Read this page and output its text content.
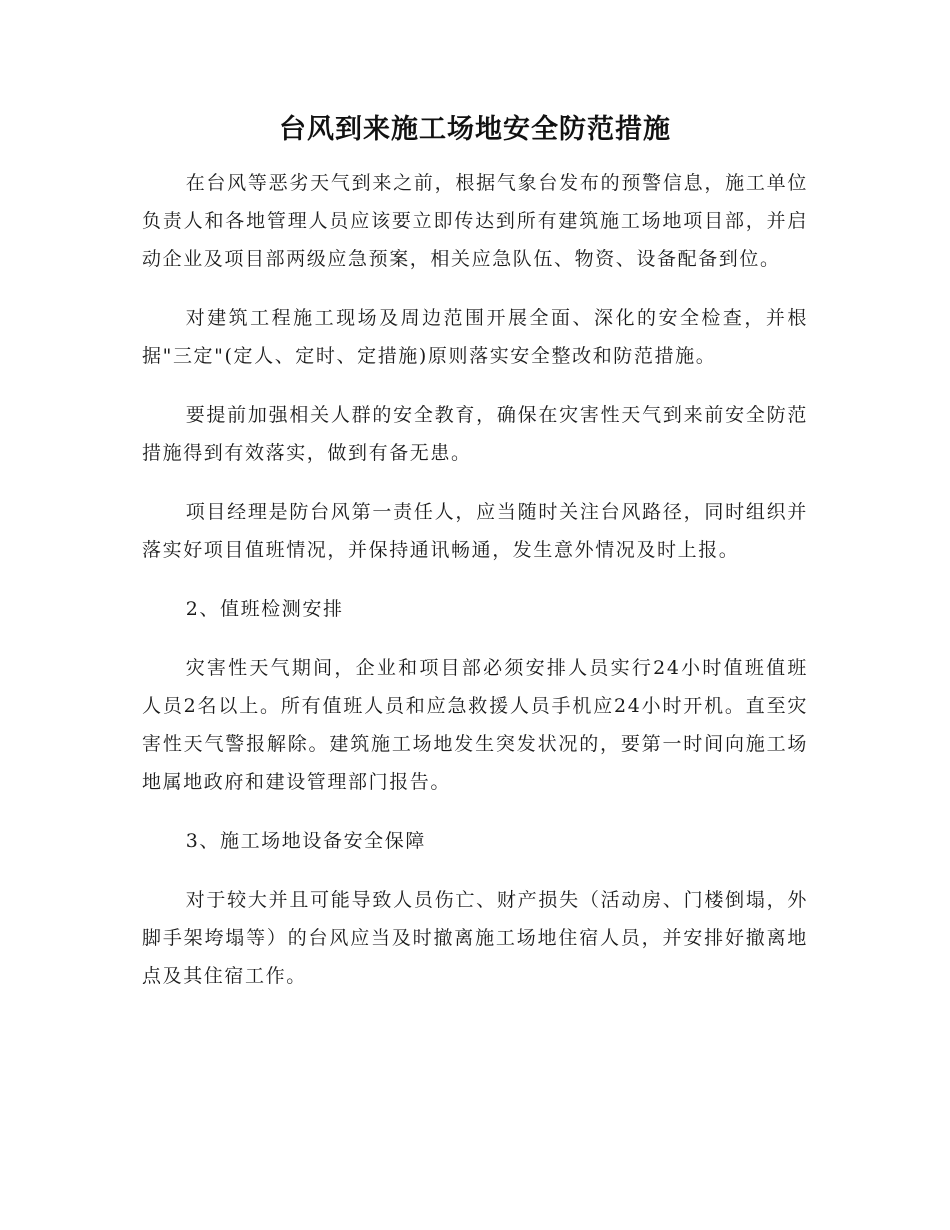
台风到来施工场地安全防范措施

在台风等恶劣天气到来之前，根据气象台发布的预警信息，施工单位负责人和各地管理人员应该要立即传达到所有建筑施工场地项目部，并启动企业及项目部两级应急预案，相关应急队伍、物资、设备配备到位。

对建筑工程施工现场及周边范围开展全面、深化的安全检查，并根据"三定"(定人、定时、定措施)原则落实安全整改和防范措施。

要提前加强相关人群的安全教育，确保在灾害性天气到来前安全防范措施得到有效落实，做到有备无患。

项目经理是防台风第一责任人，应当随时关注台风路径，同时组织并落实好项目值班情况，并保持通讯畅通，发生意外情况及时上报。

2、值班检测安排

灾害性天气期间，企业和项目部必须安排人员实行24小时值班值班人员2名以上。所有值班人员和应急救援人员手机应24小时开机。直至灾害性天气警报解除。建筑施工场地发生突发状况的，要第一时间向施工场地属地政府和建设管理部门报告。

3、施工场地设备安全保障

对于较大并且可能导致人员伤亡、财产损失（活动房、门楼倒塌，外脚手架垮塌等）的台风应当及时撤离施工场地住宿人员，并安排好撤离地点及其住宿工作。
